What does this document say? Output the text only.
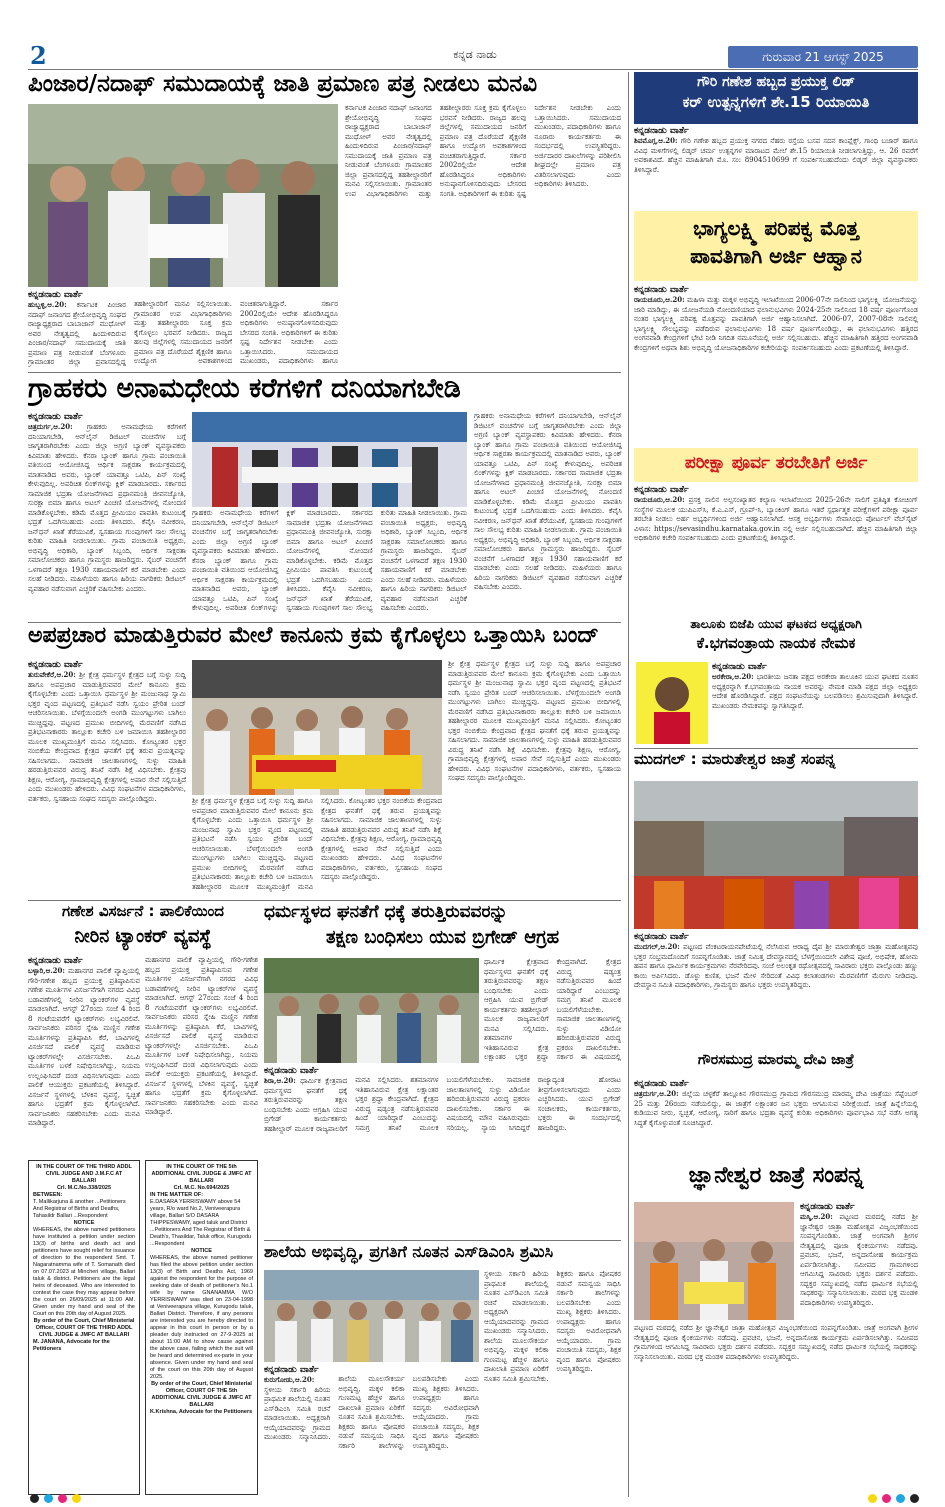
2	ಕನ್ನಡ ನಾಡು	ಗುರುವಾರ 21 ಆಗಸ್ಟ್ 2025
ಪಿಂಜಾರ/ನದಾಫ್ ಸಮುದಾಯಕ್ಕೆ ಜಾತಿ ಪ್ರಮಾಣ ಪತ್ರ ನೀಡಲು ಮನವಿ
ಕನ್ನಡನಾಡು ವಾರ್ತೆ
ಹುಬ್ಬಳ್ಳಿ,ಆ.20: ಕರ್ನಾಟಕ ಪಿಂಜಾರ ನದಾಫ್ ಜನಾಂಗದ ಶ್ರೇಯೋಭಿವೃದ್ಧಿ ಸಂಘದ ರಾಜ್ಯಾಧ್ಯಕ್ಷರಾದ ಬಾಬಾಜಾನ್ ಮುಧೋಳ್ ಅವರ ನೇತೃತ್ವದಲ್ಲಿ ಹಿಂದುಳಿದಿರುವ ಪಿಂಜಾರ/ನದಾಫ್ ಸಮುದಾಯಕ್ಕೆ ಜಾತಿ ಪ್ರಮಾಣ ಪತ್ರ ನೀಡುವಂತೆ ಬೆಂಗಳೂರು ಗ್ರಾಮಾಂತರ ಜಿಲ್ಲಾ ಪ್ರವಾಸದಲ್ಲಿದ್ದ ತಹಶೀಲ್ದಾರರಿಗೆ ಮನವಿ ಸಲ್ಲಿಸಲಾಯಿತು. ಗ್ರಾಮಾಂತರ ಉಪ ವಿಭಾಗಾಧಿಕಾರಿಗಳು ಮತ್ತು ತಹಶೀಲ್ದಾರರು ಸೂಕ್ತ ಕ್ರಮ ಕೈಗೊಳ್ಳಲು ಭರವಸೆ ನೀಡಿದರು. ರಾಜ್ಯದ ಹಲವು ಜಿಲ್ಲೆಗಳಲ್ಲಿ ಸಮುದಾಯದ ಜನರಿಗೆ ಪ್ರಮಾಣ ಪತ್ರ ದೊರೆಯದೆ ಶೈಕ್ಷಣಿಕ ಹಾಗೂ ಉದ್ಯೋಗ ಅವಕಾಶಗಳಿಂದ ವಂಚಿತರಾಗುತ್ತಿದ್ದಾರೆ. ಸರ್ಕಾರ 2002ರಲ್ಲಿಯೇ ಆದೇಶ ಹೊರಡಿಸಿದ್ದರೂ ಅಧಿಕಾರಿಗಳು ಅನುಷ್ಠಾನಗೊಳಿಸದಿರುವುದು ಬೇಸರದ ಸಂಗತಿ. ಅಧಿಕಾರಿಗಳಿಗೆ ಈ ಕುರಿತು ಸ್ಪಷ್ಟ ನಿರ್ದೇಶನ ನೀಡಬೇಕು ಎಂದು ಒತ್ತಾಯಿಸಿದರು. ಸಮುದಾಯದ ಮುಖಂಡರು, ಪದಾಧಿಕಾರಿಗಳು ಹಾಗೂ
ಕರ್ನಾಟಕ ಪಿಂಜಾರ ನದಾಫ್ ಜನಾಂಗದ ಶ್ರೇಯೋಭಿವೃದ್ಧಿ ಸಂಘದ ರಾಜ್ಯಾಧ್ಯಕ್ಷರಾದ ಬಾಬಾಜಾನ್ ಮುಧೋಳ್ ಅವರ ನೇತೃತ್ವದಲ್ಲಿ ಹಿಂದುಳಿದಿರುವ ಪಿಂಜಾರ/ನದಾಫ್ ಸಮುದಾಯಕ್ಕೆ ಜಾತಿ ಪ್ರಮಾಣ ಪತ್ರ ನೀಡುವಂತೆ ಬೆಂಗಳೂರು ಗ್ರಾಮಾಂತರ ಜಿಲ್ಲಾ ಪ್ರವಾಸದಲ್ಲಿದ್ದ ತಹಶೀಲ್ದಾರರಿಗೆ ಮನವಿ ಸಲ್ಲಿಸಲಾಯಿತು. ಗ್ರಾಮಾಂತರ ಉಪ ವಿಭಾಗಾಧಿಕಾರಿಗಳು ಮತ್ತು ತಹಶೀಲ್ದಾರರು ಸೂಕ್ತ ಕ್ರಮ ಕೈಗೊಳ್ಳಲು ಭರವಸೆ ನೀಡಿದರು. ರಾಜ್ಯದ ಹಲವು ಜಿಲ್ಲೆಗಳಲ್ಲಿ ಸಮುದಾಯದ ಜನರಿಗೆ ಪ್ರಮಾಣ ಪತ್ರ ದೊರೆಯದೆ ಶೈಕ್ಷಣಿಕ ಹಾಗೂ ಉದ್ಯೋಗ ಅವಕಾಶಗಳಿಂದ ವಂಚಿತರಾಗುತ್ತಿದ್ದಾರೆ. ಸರ್ಕಾರ 2002ರಲ್ಲಿಯೇ ಆದೇಶ ಹೊರಡಿಸಿದ್ದರೂ ಅಧಿಕಾರಿಗಳು ಅನುಷ್ಠಾನಗೊಳಿಸದಿರುವುದು ಬೇಸರದ ಸಂಗತಿ. ಅಧಿಕಾರಿಗಳಿಗೆ ಈ ಕುರಿತು ಸ್ಪಷ್ಟ ನಿರ್ದೇಶನ ನೀಡಬೇಕು ಎಂದು ಒತ್ತಾಯಿಸಿದರು. ಸಮುದಾಯದ ಮುಖಂಡರು, ಪದಾಧಿಕಾರಿಗಳು ಹಾಗೂ ನೂರಾರು ಕಾರ್ಯಕರ್ತರು ಈ ಸಂದರ್ಭದಲ್ಲಿ ಉಪಸ್ಥಿತರಿದ್ದರು. ಅರ್ಜಿದಾರರ ದಾಖಲೆಗಳನ್ನು ಪರಿಶೀಲಿಸಿ ಶೀಘ್ರದಲ್ಲೇ ಪ್ರಮಾಣ ಪತ್ರ ವಿತರಿಸಲಾಗುವುದು ಎಂದು ಅಧಿಕಾರಿಗಳು ತಿಳಿಸಿದರು.
ಗ್ರಾಹಕರು ಅನಾಮಧೇಯ ಕರೆಗಳಿಗೆ ದನಿಯಾಗಬೇಡಿ
ಕನ್ನಡನಾಡು ವಾರ್ತೆ
ಚಿತ್ರದುರ್ಗ,ಆ.20: ಗ್ರಾಹಕರು ಅನಾಮಧೇಯ ಕರೆಗಳಿಗೆ ದನಿಯಾಗಬೇಡಿ, ಆನ್‌ಲೈನ್ ಡಿಜಿಟಲ್ ವಂಚನೆಗಳ ಬಗ್ಗೆ ಜಾಗೃತರಾಗಿರಬೇಕು ಎಂದು ಜಿಲ್ಲಾ ಅಗ್ರಣಿ ಬ್ಯಾಂಕ್ ವ್ಯವಸ್ಥಾಪಕರು ಕಿವಿಮಾತು ಹೇಳಿದರು. ಕೆನರಾ ಬ್ಯಾಂಕ್ ಹಾಗೂ ಗ್ರಾಮ ಪಂಚಾಯಿತಿ ವತಿಯಿಂದ ಆಯೋಜಿಸಿದ್ದ ಆರ್ಥಿಕ ಸಾಕ್ಷರತಾ ಕಾರ್ಯಕ್ರಮದಲ್ಲಿ ಮಾತನಾಡಿದ ಅವರು, ಬ್ಯಾಂಕ್ ಯಾವತ್ತೂ ಒಟಿಪಿ, ಪಿನ್ ಸಂಖ್ಯೆ ಕೇಳುವುದಿಲ್ಲ. ಅಪರಿಚಿತ ಲಿಂಕ್‌ಗಳನ್ನು ಕ್ಲಿಕ್ ಮಾಡಬಾರದು. ಸರ್ಕಾರದ ಸಾಮಾಜಿಕ ಭದ್ರತಾ ಯೋಜನೆಗಳಾದ ಪ್ರಧಾನಮಂತ್ರಿ ಜೀವನಜ್ಯೋತಿ, ಸುರಕ್ಷಾ ಬಿಮಾ ಹಾಗೂ ಅಟಲ್ ಪಿಂಚಣಿ ಯೋಜನೆಗಳಲ್ಲಿ ನೋಂದಣಿ ಮಾಡಿಕೊಳ್ಳಬೇಕು. ಕಡಿಮೆ ಮೊತ್ತದ ಪ್ರೀಮಿಯಂ ಪಾವತಿಸಿ ಕುಟುಂಬಕ್ಕೆ ಭದ್ರತೆ ಒದಗಿಸಬಹುದು ಎಂದು ತಿಳಿಸಿದರು. ಕೆವೈಸಿ ನವೀಕರಣ, ಜನ್‌ಧನ್ ಖಾತೆ ತೆರೆಯುವಿಕೆ, ಸ್ವಸಹಾಯ ಗುಂಪುಗಳಿಗೆ ಸಾಲ ಸೌಲಭ್ಯ ಕುರಿತು ಮಾಹಿತಿ ನೀಡಲಾಯಿತು. ಗ್ರಾಮ ಪಂಚಾಯಿತಿ ಅಧ್ಯಕ್ಷರು, ಅಭಿವೃದ್ಧಿ ಅಧಿಕಾರಿ, ಬ್ಯಾಂಕ್ ಸಿಬ್ಬಂದಿ, ಆರ್ಥಿಕ ಸಾಕ್ಷರತಾ ಸಮಾಲೋಚಕರು ಹಾಗೂ ಗ್ರಾಮಸ್ಥರು ಹಾಜರಿದ್ದರು. ಸೈಬರ್ ವಂಚನೆಗೆ ಒಳಗಾದರೆ ತಕ್ಷಣ 1930 ಸಹಾಯವಾಣಿಗೆ ಕರೆ ಮಾಡಬೇಕು ಎಂದು ಸಲಹೆ ನೀಡಿದರು. ಮಹಿಳೆಯರು ಹಾಗೂ ಹಿರಿಯ ನಾಗರಿಕರು ಡಿಜಿಟಲ್ ವ್ಯವಹಾರ ನಡೆಸುವಾಗ ಎಚ್ಚರಿಕೆ ವಹಿಸಬೇಕು ಎಂದರು.
ಗ್ರಾಹಕರು ಅನಾಮಧೇಯ ಕರೆಗಳಿಗೆ ದನಿಯಾಗಬೇಡಿ, ಆನ್‌ಲೈನ್ ಡಿಜಿಟಲ್ ವಂಚನೆಗಳ ಬಗ್ಗೆ ಜಾಗೃತರಾಗಿರಬೇಕು ಎಂದು ಜಿಲ್ಲಾ ಅಗ್ರಣಿ ಬ್ಯಾಂಕ್ ವ್ಯವಸ್ಥಾಪಕರು ಕಿವಿಮಾತು ಹೇಳಿದರು. ಕೆನರಾ ಬ್ಯಾಂಕ್ ಹಾಗೂ ಗ್ರಾಮ ಪಂಚಾಯಿತಿ ವತಿಯಿಂದ ಆಯೋಜಿಸಿದ್ದ ಆರ್ಥಿಕ ಸಾಕ್ಷರತಾ ಕಾರ್ಯಕ್ರಮದಲ್ಲಿ ಮಾತನಾಡಿದ ಅವರು, ಬ್ಯಾಂಕ್ ಯಾವತ್ತೂ ಒಟಿಪಿ, ಪಿನ್ ಸಂಖ್ಯೆ ಕೇಳುವುದಿಲ್ಲ. ಅಪರಿಚಿತ ಲಿಂಕ್‌ಗಳನ್ನು ಕ್ಲಿಕ್ ಮಾಡಬಾರದು. ಸರ್ಕಾರದ ಸಾಮಾಜಿಕ ಭದ್ರತಾ ಯೋಜನೆಗಳಾದ ಪ್ರಧಾನಮಂತ್ರಿ ಜೀವನಜ್ಯೋತಿ, ಸುರಕ್ಷಾ ಬಿಮಾ ಹಾಗೂ ಅಟಲ್ ಪಿಂಚಣಿ ಯೋಜನೆಗಳಲ್ಲಿ ನೋಂದಣಿ ಮಾಡಿಕೊಳ್ಳಬೇಕು. ಕಡಿಮೆ ಮೊತ್ತದ ಪ್ರೀಮಿಯಂ ಪಾವತಿಸಿ ಕುಟುಂಬಕ್ಕೆ ಭದ್ರತೆ ಒದಗಿಸಬಹುದು ಎಂದು ತಿಳಿಸಿದರು. ಕೆವೈಸಿ ನವೀಕರಣ, ಜನ್‌ಧನ್ ಖಾತೆ ತೆರೆಯುವಿಕೆ, ಸ್ವಸಹಾಯ ಗುಂಪುಗಳಿಗೆ ಸಾಲ ಸೌಲಭ್ಯ ಕುರಿತು ಮಾಹಿತಿ ನೀಡಲಾಯಿತು. ಗ್ರಾಮ ಪಂಚಾಯಿತಿ ಅಧ್ಯಕ್ಷರು, ಅಭಿವೃದ್ಧಿ ಅಧಿಕಾರಿ, ಬ್ಯಾಂಕ್ ಸಿಬ್ಬಂದಿ, ಆರ್ಥಿಕ ಸಾಕ್ಷರತಾ ಸಮಾಲೋಚಕರು ಹಾಗೂ ಗ್ರಾಮಸ್ಥರು ಹಾಜರಿದ್ದರು. ಸೈಬರ್ ವಂಚನೆಗೆ ಒಳಗಾದರೆ ತಕ್ಷಣ 1930 ಸಹಾಯವಾಣಿಗೆ ಕರೆ ಮಾಡಬೇಕು ಎಂದು ಸಲಹೆ ನೀಡಿದರು. ಮಹಿಳೆಯರು ಹಾಗೂ ಹಿರಿಯ ನಾಗರಿಕರು ಡಿಜಿಟಲ್ ವ್ಯವಹಾರ ನಡೆಸುವಾಗ ಎಚ್ಚರಿಕೆ ವಹಿಸಬೇಕು ಎಂದರು.
ಗ್ರಾಹಕರು ಅನಾಮಧೇಯ ಕರೆಗಳಿಗೆ ದನಿಯಾಗಬೇಡಿ, ಆನ್‌ಲೈನ್ ಡಿಜಿಟಲ್ ವಂಚನೆಗಳ ಬಗ್ಗೆ ಜಾಗೃತರಾಗಿರಬೇಕು ಎಂದು ಜಿಲ್ಲಾ ಅಗ್ರಣಿ ಬ್ಯಾಂಕ್ ವ್ಯವಸ್ಥಾಪಕರು ಕಿವಿಮಾತು ಹೇಳಿದರು. ಕೆನರಾ ಬ್ಯಾಂಕ್ ಹಾಗೂ ಗ್ರಾಮ ಪಂಚಾಯಿತಿ ವತಿಯಿಂದ ಆಯೋಜಿಸಿದ್ದ ಆರ್ಥಿಕ ಸಾಕ್ಷರತಾ ಕಾರ್ಯಕ್ರಮದಲ್ಲಿ ಮಾತನಾಡಿದ ಅವರು, ಬ್ಯಾಂಕ್ ಯಾವತ್ತೂ ಒಟಿಪಿ, ಪಿನ್ ಸಂಖ್ಯೆ ಕೇಳುವುದಿಲ್ಲ. ಅಪರಿಚಿತ ಲಿಂಕ್‌ಗಳನ್ನು ಕ್ಲಿಕ್ ಮಾಡಬಾರದು. ಸರ್ಕಾರದ ಸಾಮಾಜಿಕ ಭದ್ರತಾ ಯೋಜನೆಗಳಾದ ಪ್ರಧಾನಮಂತ್ರಿ ಜೀವನಜ್ಯೋತಿ, ಸುರಕ್ಷಾ ಬಿಮಾ ಹಾಗೂ ಅಟಲ್ ಪಿಂಚಣಿ ಯೋಜನೆಗಳಲ್ಲಿ ನೋಂದಣಿ ಮಾಡಿಕೊಳ್ಳಬೇಕು. ಕಡಿಮೆ ಮೊತ್ತದ ಪ್ರೀಮಿಯಂ ಪಾವತಿಸಿ ಕುಟುಂಬಕ್ಕೆ ಭದ್ರತೆ ಒದಗಿಸಬಹುದು ಎಂದು ತಿಳಿಸಿದರು. ಕೆವೈಸಿ ನವೀಕರಣ, ಜನ್‌ಧನ್ ಖಾತೆ ತೆರೆಯುವಿಕೆ, ಸ್ವಸಹಾಯ ಗುಂಪುಗಳಿಗೆ ಸಾಲ ಸೌಲಭ್ಯ ಕುರಿತು ಮಾಹಿತಿ ನೀಡಲಾಯಿತು. ಗ್ರಾಮ ಪಂಚಾಯಿತಿ ಅಧ್ಯಕ್ಷರು, ಅಭಿವೃದ್ಧಿ ಅಧಿಕಾರಿ, ಬ್ಯಾಂಕ್ ಸಿಬ್ಬಂದಿ, ಆರ್ಥಿಕ ಸಾಕ್ಷರತಾ ಸಮಾಲೋಚಕರು ಹಾಗೂ ಗ್ರಾಮಸ್ಥರು ಹಾಜರಿದ್ದರು. ಸೈಬರ್ ವಂಚನೆಗೆ ಒಳಗಾದರೆ ತಕ್ಷಣ 1930 ಸಹಾಯವಾಣಿಗೆ ಕರೆ ಮಾಡಬೇಕು ಎಂದು ಸಲಹೆ ನೀಡಿದರು. ಮಹಿಳೆಯರು ಹಾಗೂ ಹಿರಿಯ ನಾಗರಿಕರು ಡಿಜಿಟಲ್ ವ್ಯವಹಾರ ನಡೆಸುವಾಗ ಎಚ್ಚರಿಕೆ ವಹಿಸಬೇಕು ಎಂದರು.
ಅಪಪ್ರಚಾರ ಮಾಡುತ್ತಿರುವರ ಮೇಲೆ ಕಾನೂನು ಕ್ರಮ ಕೈಗೊಳ್ಳಲು ಒತ್ತಾಯಿಸಿ ಬಂದ್
ಕನ್ನಡನಾಡು ವಾರ್ತೆ
ತುರುವೇಕೆರೆ,ಆ.20: ಶ್ರೀ ಕ್ಷೇತ್ರ ಧರ್ಮಸ್ಥಳ ಕ್ಷೇತ್ರದ ಬಗ್ಗೆ ಸುಳ್ಳು ಸುದ್ದಿ ಹಾಗೂ ಅಪಪ್ರಚಾರ ಮಾಡುತ್ತಿರುವವರ ಮೇಲೆ ಕಾನೂನು ಕ್ರಮ ಕೈಗೊಳ್ಳಬೇಕು ಎಂದು ಒತ್ತಾಯಿಸಿ ಧರ್ಮಸ್ಥಳ ಶ್ರೀ ಮಂಜುನಾಥ ಸ್ವಾಮಿ ಭಕ್ತರ ವೃಂದ ಪಟ್ಟಣದಲ್ಲಿ ಪ್ರತಿಭಟನೆ ನಡೆಸಿ ಸ್ವಯಂ ಪ್ರೇರಿತ ಬಂದ್ ಆಚರಿಸಲಾಯಿತು. ಬೆಳಗ್ಗೆಯಿಂದಲೇ ಅಂಗಡಿ ಮುಂಗಟ್ಟುಗಳು ಬಾಗಿಲು ಮುಚ್ಚಿದ್ದವು. ಪಟ್ಟಣದ ಪ್ರಮುಖ ಬೀದಿಗಳಲ್ಲಿ ಮೆರವಣಿಗೆ ನಡೆಸಿದ ಪ್ರತಿಭಟನಾಕಾರರು ತಾಲ್ಲೂಕು ಕಚೇರಿ ಬಳಿ ಜಮಾಯಿಸಿ ತಹಶೀಲ್ದಾರರ ಮೂಲಕ ಮುಖ್ಯಮಂತ್ರಿಗೆ ಮನವಿ ಸಲ್ಲಿಸಿದರು. ಕೋಟ್ಯಂತರ ಭಕ್ತರ ನಂಬಿಕೆಯ ಕೇಂದ್ರವಾದ ಕ್ಷೇತ್ರದ ಘನತೆಗೆ ಧಕ್ಕೆ ತರುವ ಪ್ರಯತ್ನವನ್ನು ಸಹಿಸಲಾಗದು. ಸಾಮಾಜಿಕ ಜಾಲತಾಣಗಳಲ್ಲಿ ಸುಳ್ಳು ಮಾಹಿತಿ ಹರಡುತ್ತಿರುವವರ ವಿರುದ್ಧ ತನಿಖೆ ನಡೆಸಿ ಶಿಕ್ಷೆ ವಿಧಿಸಬೇಕು. ಕ್ಷೇತ್ರವು ಶಿಕ್ಷಣ, ಆರೋಗ್ಯ, ಗ್ರಾಮಾಭಿವೃದ್ಧಿ ಕ್ಷೇತ್ರಗಳಲ್ಲಿ ಅಪಾರ ಸೇವೆ ಸಲ್ಲಿಸುತ್ತಿದೆ ಎಂದು ಮುಖಂಡರು ಹೇಳಿದರು. ವಿವಿಧ ಸಂಘಟನೆಗಳ ಪದಾಧಿಕಾರಿಗಳು, ವರ್ತಕರು, ಸ್ವಸಹಾಯ ಸಂಘದ ಸದಸ್ಯರು ಪಾಲ್ಗೊಂಡಿದ್ದರು.	ಶ್ರೀ ಕ್ಷೇತ್ರ ಧರ್ಮಸ್ಥಳ ಕ್ಷೇತ್ರದ ಬಗ್ಗೆ ಸುಳ್ಳು ಸುದ್ದಿ ಹಾಗೂ ಅಪಪ್ರಚಾರ ಮಾಡುತ್ತಿರುವವರ ಮೇಲೆ ಕಾನೂನು ಕ್ರಮ ಕೈಗೊಳ್ಳಬೇಕು ಎಂದು ಒತ್ತಾಯಿಸಿ ಧರ್ಮಸ್ಥಳ ಶ್ರೀ ಮಂಜುನಾಥ ಸ್ವಾಮಿ ಭಕ್ತರ ವೃಂದ ಪಟ್ಟಣದಲ್ಲಿ ಪ್ರತಿಭಟನೆ ನಡೆಸಿ ಸ್ವಯಂ ಪ್ರೇರಿತ ಬಂದ್ ಆಚರಿಸಲಾಯಿತು. ಬೆಳಗ್ಗೆಯಿಂದಲೇ ಅಂಗಡಿ ಮುಂಗಟ್ಟುಗಳು ಬಾಗಿಲು ಮುಚ್ಚಿದ್ದವು. ಪಟ್ಟಣದ ಪ್ರಮುಖ ಬೀದಿಗಳಲ್ಲಿ ಮೆರವಣಿಗೆ ನಡೆಸಿದ ಪ್ರತಿಭಟನಾಕಾರರು ತಾಲ್ಲೂಕು ಕಚೇರಿ ಬಳಿ ಜಮಾಯಿಸಿ ತಹಶೀಲ್ದಾರರ ಮೂಲಕ ಮುಖ್ಯಮಂತ್ರಿಗೆ ಮನವಿ ಸಲ್ಲಿಸಿದರು. ಕೋಟ್ಯಂತರ ಭಕ್ತರ ನಂಬಿಕೆಯ ಕೇಂದ್ರವಾದ ಕ್ಷೇತ್ರದ ಘನತೆಗೆ ಧಕ್ಕೆ ತರುವ ಪ್ರಯತ್ನವನ್ನು ಸಹಿಸಲಾಗದು. ಸಾಮಾಜಿಕ ಜಾಲತಾಣಗಳಲ್ಲಿ ಸುಳ್ಳು ಮಾಹಿತಿ ಹರಡುತ್ತಿರುವವರ ವಿರುದ್ಧ ತನಿಖೆ ನಡೆಸಿ ಶಿಕ್ಷೆ ವಿಧಿಸಬೇಕು. ಕ್ಷೇತ್ರವು ಶಿಕ್ಷಣ, ಆರೋಗ್ಯ, ಗ್ರಾಮಾಭಿವೃದ್ಧಿ ಕ್ಷೇತ್ರಗಳಲ್ಲಿ ಅಪಾರ ಸೇವೆ ಸಲ್ಲಿಸುತ್ತಿದೆ ಎಂದು ಮುಖಂಡರು ಹೇಳಿದರು. ವಿವಿಧ ಸಂಘಟನೆಗಳ ಪದಾಧಿಕಾರಿಗಳು, ವರ್ತಕರು, ಸ್ವಸಹಾಯ ಸಂಘದ ಸದಸ್ಯರು ಪಾಲ್ಗೊಂಡಿದ್ದರು.
ಶ್ರೀ ಕ್ಷೇತ್ರ ಧರ್ಮಸ್ಥಳ ಕ್ಷೇತ್ರದ ಬಗ್ಗೆ ಸುಳ್ಳು ಸುದ್ದಿ ಹಾಗೂ ಅಪಪ್ರಚಾರ ಮಾಡುತ್ತಿರುವವರ ಮೇಲೆ ಕಾನೂನು ಕ್ರಮ ಕೈಗೊಳ್ಳಬೇಕು ಎಂದು ಒತ್ತಾಯಿಸಿ ಧರ್ಮಸ್ಥಳ ಶ್ರೀ ಮಂಜುನಾಥ ಸ್ವಾಮಿ ಭಕ್ತರ ವೃಂದ ಪಟ್ಟಣದಲ್ಲಿ ಪ್ರತಿಭಟನೆ ನಡೆಸಿ ಸ್ವಯಂ ಪ್ರೇರಿತ ಬಂದ್ ಆಚರಿಸಲಾಯಿತು. ಬೆಳಗ್ಗೆಯಿಂದಲೇ ಅಂಗಡಿ ಮುಂಗಟ್ಟುಗಳು ಬಾಗಿಲು ಮುಚ್ಚಿದ್ದವು. ಪಟ್ಟಣದ ಪ್ರಮುಖ ಬೀದಿಗಳಲ್ಲಿ ಮೆರವಣಿಗೆ ನಡೆಸಿದ ಪ್ರತಿಭಟನಾಕಾರರು ತಾಲ್ಲೂಕು ಕಚೇರಿ ಬಳಿ ಜಮಾಯಿಸಿ ತಹಶೀಲ್ದಾರರ ಮೂಲಕ ಮುಖ್ಯಮಂತ್ರಿಗೆ ಮನವಿ ಸಲ್ಲಿಸಿದರು. ಕೋಟ್ಯಂತರ ಭಕ್ತರ ನಂಬಿಕೆಯ ಕೇಂದ್ರವಾದ ಕ್ಷೇತ್ರದ ಘನತೆಗೆ ಧಕ್ಕೆ ತರುವ ಪ್ರಯತ್ನವನ್ನು ಸಹಿಸಲಾಗದು. ಸಾಮಾಜಿಕ ಜಾಲತಾಣಗಳಲ್ಲಿ ಸುಳ್ಳು ಮಾಹಿತಿ ಹರಡುತ್ತಿರುವವರ ವಿರುದ್ಧ ತನಿಖೆ ನಡೆಸಿ ಶಿಕ್ಷೆ ವಿಧಿಸಬೇಕು. ಕ್ಷೇತ್ರವು ಶಿಕ್ಷಣ, ಆರೋಗ್ಯ, ಗ್ರಾಮಾಭಿವೃದ್ಧಿ ಕ್ಷೇತ್ರಗಳಲ್ಲಿ ಅಪಾರ ಸೇವೆ ಸಲ್ಲಿಸುತ್ತಿದೆ ಎಂದು ಮುಖಂಡರು ಹೇಳಿದರು. ವಿವಿಧ ಸಂಘಟನೆಗಳ ಪದಾಧಿಕಾರಿಗಳು, ವರ್ತಕರು, ಸ್ವಸಹಾಯ ಸಂಘದ ಸದಸ್ಯರು ಪಾಲ್ಗೊಂಡಿದ್ದರು.
ಗಣೇಶ ವಿಸರ್ಜನೆ : ಪಾಲಿಕೆಯಿಂದ
ನೀರಿನ ಟ್ಯಾಂಕರ್ ವ್ಯವಸ್ಥೆ
ಕನ್ನಡನಾಡು ವಾರ್ತೆ
ಬಳ್ಳಾರಿ,ಆ.20: ಮಹಾನಗರ ಪಾಲಿಕೆ ವ್ಯಾಪ್ತಿಯಲ್ಲಿ ಗೌರಿ-ಗಣೇಶ ಹಬ್ಬದ ಪ್ರಯುಕ್ತ ಪ್ರತಿಷ್ಠಾಪಿಸುವ ಗಣೇಶ ಮೂರ್ತಿಗಳ ವಿಸರ್ಜನೆಗಾಗಿ ನಗರದ ವಿವಿಧ ಬಡಾವಣೆಗಳಲ್ಲಿ ನೀರಿನ ಟ್ಯಾಂಕರ್‌ಗಳ ವ್ಯವಸ್ಥೆ ಮಾಡಲಾಗಿದೆ. ಆಗಸ್ಟ್ 27ರಂದು ಸಂಜೆ 4 ರಿಂದ 8 ಗಂಟೆಯವರೆಗೆ ಟ್ಯಾಂಕರ್‌ಗಳು ಲಭ್ಯವಿರಲಿವೆ. ಸಾರ್ವಜನಿಕರು ಪರಿಸರ ಸ್ನೇಹಿ ಮಣ್ಣಿನ ಗಣೇಶ ಮೂರ್ತಿಗಳನ್ನು ಪ್ರತಿಷ್ಠಾಪಿಸಿ ಕೆರೆ, ಬಾವಿಗಳಲ್ಲಿ ವಿಸರ್ಜಿಸದೆ ಪಾಲಿಕೆ ವ್ಯವಸ್ಥೆ ಮಾಡಿರುವ ಟ್ಯಾಂಕರ್‌ಗಳಲ್ಲೇ ವಿಸರ್ಜಿಸಬೇಕು. ಪಿಒಪಿ ಮೂರ್ತಿಗಳ ಬಳಕೆ ನಿಷೇಧಿಸಲಾಗಿದ್ದು, ನಿಯಮ ಉಲ್ಲಂಘಿಸಿದರೆ ದಂಡ ವಿಧಿಸಲಾಗುವುದು ಎಂದು ಪಾಲಿಕೆ ಆಯುಕ್ತರು ಪ್ರಕಟಣೆಯಲ್ಲಿ ತಿಳಿಸಿದ್ದಾರೆ. ವಿಸರ್ಜನೆ ಸ್ಥಳಗಳಲ್ಲಿ ಬೆಳಕಿನ ವ್ಯವಸ್ಥೆ, ಸ್ವಚ್ಛತೆ ಹಾಗೂ ಭದ್ರತೆಗೆ ಕ್ರಮ ಕೈಗೊಳ್ಳಲಾಗಿದೆ. ಸಾರ್ವಜನಿಕರು ಸಹಕರಿಸಬೇಕು ಎಂದು ಮನವಿ ಮಾಡಿದ್ದಾರೆ.
ಮಹಾನಗರ ಪಾಲಿಕೆ ವ್ಯಾಪ್ತಿಯಲ್ಲಿ ಗೌರಿ-ಗಣೇಶ ಹಬ್ಬದ ಪ್ರಯುಕ್ತ ಪ್ರತಿಷ್ಠಾಪಿಸುವ ಗಣೇಶ ಮೂರ್ತಿಗಳ ವಿಸರ್ಜನೆಗಾಗಿ ನಗರದ ವಿವಿಧ ಬಡಾವಣೆಗಳಲ್ಲಿ ನೀರಿನ ಟ್ಯಾಂಕರ್‌ಗಳ ವ್ಯವಸ್ಥೆ ಮಾಡಲಾಗಿದೆ. ಆಗಸ್ಟ್ 27ರಂದು ಸಂಜೆ 4 ರಿಂದ 8 ಗಂಟೆಯವರೆಗೆ ಟ್ಯಾಂಕರ್‌ಗಳು ಲಭ್ಯವಿರಲಿವೆ. ಸಾರ್ವಜನಿಕರು ಪರಿಸರ ಸ್ನೇಹಿ ಮಣ್ಣಿನ ಗಣೇಶ ಮೂರ್ತಿಗಳನ್ನು ಪ್ರತಿಷ್ಠಾಪಿಸಿ ಕೆರೆ, ಬಾವಿಗಳಲ್ಲಿ ವಿಸರ್ಜಿಸದೆ ಪಾಲಿಕೆ ವ್ಯವಸ್ಥೆ ಮಾಡಿರುವ ಟ್ಯಾಂಕರ್‌ಗಳಲ್ಲೇ ವಿಸರ್ಜಿಸಬೇಕು. ಪಿಒಪಿ ಮೂರ್ತಿಗಳ ಬಳಕೆ ನಿಷೇಧಿಸಲಾಗಿದ್ದು, ನಿಯಮ ಉಲ್ಲಂಘಿಸಿದರೆ ದಂಡ ವಿಧಿಸಲಾಗುವುದು ಎಂದು ಪಾಲಿಕೆ ಆಯುಕ್ತರು ಪ್ರಕಟಣೆಯಲ್ಲಿ ತಿಳಿಸಿದ್ದಾರೆ. ವಿಸರ್ಜನೆ ಸ್ಥಳಗಳಲ್ಲಿ ಬೆಳಕಿನ ವ್ಯವಸ್ಥೆ, ಸ್ವಚ್ಛತೆ ಹಾಗೂ ಭದ್ರತೆಗೆ ಕ್ರಮ ಕೈಗೊಳ್ಳಲಾಗಿದೆ. ಸಾರ್ವಜನಿಕರು ಸಹಕರಿಸಬೇಕು ಎಂದು ಮನವಿ ಮಾಡಿದ್ದಾರೆ.
IN THE COURT OF THE THIRD ADDL CIVIL JUDGE AND J.M.F.C AT BALLARI
Crl. M.C.No.338/2025
BETWEEN:
T. Mallikarjuna & another ...Petitioners And Registrar of Births and Deaths, Tahasildr Ballari ...Respondent
NOTICE
WHEREAS, the above named petitioners have instituted a petition under section 13(3) of births and death act and petitioners have sought relief for issuance of direction to the respondent Smt. T. Nagaratnamma wife of T. Somanath died on 07.07.2023 at Mincheri village, Ballari taluk & district. Petitioners are the legal heirs of deceased. Who are interested to contest the case they may appear before the court on 26/09/2025 at 11:00 AM. Given under my hand and seal of the Court on this 20th day of August 2025.
By order of the Court, Chief Ministerial Officer, COURT OF THE THIRD ADDL CIVIL JUDGE & JMFC AT BALLARI
M. JANANA, Advocate for the Petitioners
IN THE COURT OF THE 5th ADDITIONAL CIVIL JUDGE & JMFC AT BALLARI
Crl. M.C. No.694/2025
IN THE MATTER OF:
E.DASARA YERRISWAMY above 54 years, R/o ward No.2, Veniveerapura village, Ballari S/O DASARA THIPPESWAMY, aged taluk and District ...Petitioners And The Registrar of Birth & Death's, Thasildar, Taluk office, Kurugodu ...Respondent
NOTICE
WHEREAS, the above named petitioner has filed the above petition under section 13(3) of Birth and Deaths Act, 1969 against the respondent for the purpose of seeking date of death of petitioner's No.1 wife by name GNANAMMA W/O YERRISWAMY was died on 23-04-1998 at Veniveerapura village, Kurugodu taluk, Ballari District. Therefore, if any persons are interested you are hereby directed to appear in this court in person or by a pleader duly instructed on 27-9-2025 at about 11:00 AM to show cause against the above case, failing which the suit will be heard and determined ex-parte in your absence. Given under my hand and seal of the court on this 20th day of August 2025.
By order of the Court, Chief Ministerial Officer, COURT OF THE 5th ADDITIONAL CIVIL JUDGE & JMFC AT BALLARI
K.Krishna, Advocate for the Petitioners
ಧರ್ಮಸ್ಥಳದ ಘನತೆಗೆ ಧಕ್ಕೆ ತರುತ್ತಿರುವವರನ್ನು
ತಕ್ಷಣ ಬಂಧಿಸಲು ಯುವ ಬ್ರಿಗೇಡ್ ಆಗ್ರಹ
ಧಾರ್ಮಿಕ ಕ್ಷೇತ್ರವಾದ ಧರ್ಮಸ್ಥಳದ ಘನತೆಗೆ ಧಕ್ಕೆ ತರುತ್ತಿರುವವರನ್ನು ತಕ್ಷಣ ಬಂಧಿಸಬೇಕು ಎಂದು ಆಗ್ರಹಿಸಿ ಯುವ ಬ್ರಿಗೇಡ್ ಕಾರ್ಯಕರ್ತರು ತಹಶೀಲ್ದಾರ್ ಮೂಲಕ ರಾಜ್ಯಪಾಲರಿಗೆ ಮನವಿ ಸಲ್ಲಿಸಿದರು. ಶತಮಾನಗಳ ಇತಿಹಾಸವಿರುವ ಕ್ಷೇತ್ರ ಲಕ್ಷಾಂತರ ಭಕ್ತರ ಶ್ರದ್ಧಾ ಕೇಂದ್ರವಾಗಿದೆ. ಕ್ಷೇತ್ರದ ವಿರುದ್ಧ ಷಡ್ಯಂತ್ರ ನಡೆಸುತ್ತಿರುವವರ ಹಿಂದೆ ಯಾರಿದ್ದಾರೆ ಎಂಬುದನ್ನು ಸಮಗ್ರ ತನಿಖೆ ಮೂಲಕ ಬಯಲಿಗೆಳೆಯಬೇಕು. ಸಾಮಾಜಿಕ ಜಾಲತಾಣಗಳಲ್ಲಿ ಸುಳ್ಳು ವಿಡಿಯೋ ಹರಿಬಿಡುತ್ತಿರುವವರ ವಿರುದ್ಧ ಪ್ರಕರಣ ದಾಖಲಿಸಬೇಕು. ಸರ್ಕಾರ ಈ ವಿಷಯದಲ್ಲಿ
ಕನ್ನಡನಾಡು ವಾರ್ತೆ
ಶಿರಾ,ಆ.20: ಧಾರ್ಮಿಕ ಕ್ಷೇತ್ರವಾದ ಧರ್ಮಸ್ಥಳದ ಘನತೆಗೆ ಧಕ್ಕೆ ತರುತ್ತಿರುವವರನ್ನು ತಕ್ಷಣ ಬಂಧಿಸಬೇಕು ಎಂದು ಆಗ್ರಹಿಸಿ ಯುವ ಬ್ರಿಗೇಡ್ ಕಾರ್ಯಕರ್ತರು ತಹಶೀಲ್ದಾರ್ ಮೂಲಕ ರಾಜ್ಯಪಾಲರಿಗೆ ಮನವಿ ಸಲ್ಲಿಸಿದರು. ಶತಮಾನಗಳ ಇತಿಹಾಸವಿರುವ ಕ್ಷೇತ್ರ ಲಕ್ಷಾಂತರ ಭಕ್ತರ ಶ್ರದ್ಧಾ ಕೇಂದ್ರವಾಗಿದೆ. ಕ್ಷೇತ್ರದ ವಿರುದ್ಧ ಷಡ್ಯಂತ್ರ ನಡೆಸುತ್ತಿರುವವರ ಹಿಂದೆ ಯಾರಿದ್ದಾರೆ ಎಂಬುದನ್ನು ಸಮಗ್ರ ತನಿಖೆ ಮೂಲಕ ಬಯಲಿಗೆಳೆಯಬೇಕು. ಸಾಮಾಜಿಕ ಜಾಲತಾಣಗಳಲ್ಲಿ ಸುಳ್ಳು ವಿಡಿಯೋ ಹರಿಬಿಡುತ್ತಿರುವವರ ವಿರುದ್ಧ ಪ್ರಕರಣ ದಾಖಲಿಸಬೇಕು. ಸರ್ಕಾರ ಈ ವಿಷಯದಲ್ಲಿ ಮೌನ ವಹಿಸಿರುವುದು ಸರಿಯಲ್ಲ. ನ್ಯಾಯ ಸಿಗದಿದ್ದರೆ ರಾಜ್ಯಾದ್ಯಂತ ಹೋರಾಟ ತೀವ್ರಗೊಳಿಸಲಾಗುವುದು ಎಂದು ಎಚ್ಚರಿಸಿದರು. ಯುವ ಬ್ರಿಗೇಡ್ ಸಂಚಾಲಕರು, ಕಾರ್ಯಕರ್ತರು, ಭಕ್ತರು ಈ ಸಂದರ್ಭದಲ್ಲಿ ಹಾಜರಿದ್ದರು.
ಶಾಲೆಯ ಅಭಿವೃದ್ಧಿ, ಪ್ರಗತಿಗೆ ನೂತನ ಎಸ್‌ಡಿಎಂಸಿ ಶ್ರಮಿಸಿ
ಸ್ಥಳೀಯ ಸರ್ಕಾರಿ ಹಿರಿಯ ಪ್ರಾಥಮಿಕ ಶಾಲೆಯಲ್ಲಿ ನೂತನ ಎಸ್‌ಡಿಎಂಸಿ ಸಮಿತಿ ರಚನೆ ಮಾಡಲಾಯಿತು. ಅಧ್ಯಕ್ಷರಾಗಿ ಆಯ್ಕೆಯಾದವರನ್ನು ಗ್ರಾಮದ ಮುಖಂಡರು ಸನ್ಮಾನಿಸಿದರು. ಶಾಲೆಯ ಮೂಲಸೌಕರ್ಯ ಅಭಿವೃದ್ಧಿ, ಮಕ್ಕಳ ಕಲಿಕಾ ಗುಣಮಟ್ಟ ಹೆಚ್ಚಳ ಹಾಗೂ ದಾಖಲಾತಿ ಪ್ರಮಾಣ ಏರಿಕೆಗೆ ನೂತನ ಸಮಿತಿ ಶ್ರಮಿಸಬೇಕು. ಶಿಕ್ಷಕರು ಹಾಗೂ ಪೋಷಕರ ನಡುವೆ ಸಮನ್ವಯ ಸಾಧಿಸಿ ಸರ್ಕಾರಿ ಶಾಲೆಗಳನ್ನು ಬಲಪಡಿಸಬೇಕು ಎಂದು ಮುಖ್ಯ ಶಿಕ್ಷಕರು ತಿಳಿಸಿದರು. ಉಪಾಧ್ಯಕ್ಷರು ಹಾಗೂ ಸದಸ್ಯರು ಅವಿರೋಧವಾಗಿ ಆಯ್ಕೆಯಾದರು. ಗ್ರಾಮ ಪಂಚಾಯಿತಿ ಸದಸ್ಯರು, ಶಿಕ್ಷಕ ವೃಂದ ಹಾಗೂ ಪೋಷಕರು ಉಪಸ್ಥಿತರಿದ್ದರು.
ಕನ್ನಡನಾಡು ವಾರ್ತೆ
ಕುರುಗೋಡು,ಆ.20: ಸ್ಥಳೀಯ ಸರ್ಕಾರಿ ಹಿರಿಯ ಪ್ರಾಥಮಿಕ ಶಾಲೆಯಲ್ಲಿ ನೂತನ ಎಸ್‌ಡಿಎಂಸಿ ಸಮಿತಿ ರಚನೆ ಮಾಡಲಾಯಿತು. ಅಧ್ಯಕ್ಷರಾಗಿ ಆಯ್ಕೆಯಾದವರನ್ನು ಗ್ರಾಮದ ಮುಖಂಡರು ಸನ್ಮಾನಿಸಿದರು. ಶಾಲೆಯ ಮೂಲಸೌಕರ್ಯ ಅಭಿವೃದ್ಧಿ, ಮಕ್ಕಳ ಕಲಿಕಾ ಗುಣಮಟ್ಟ ಹೆಚ್ಚಳ ಹಾಗೂ ದಾಖಲಾತಿ ಪ್ರಮಾಣ ಏರಿಕೆಗೆ ನೂತನ ಸಮಿತಿ ಶ್ರಮಿಸಬೇಕು. ಶಿಕ್ಷಕರು ಹಾಗೂ ಪೋಷಕರ ನಡುವೆ ಸಮನ್ವಯ ಸಾಧಿಸಿ ಸರ್ಕಾರಿ ಶಾಲೆಗಳನ್ನು ಬಲಪಡಿಸಬೇಕು ಎಂದು ಮುಖ್ಯ ಶಿಕ್ಷಕರು ತಿಳಿಸಿದರು. ಉಪಾಧ್ಯಕ್ಷರು ಹಾಗೂ ಸದಸ್ಯರು ಅವಿರೋಧವಾಗಿ ಆಯ್ಕೆಯಾದರು. ಗ್ರಾಮ ಪಂಚಾಯಿತಿ ಸದಸ್ಯರು, ಶಿಕ್ಷಕ ವೃಂದ ಹಾಗೂ ಪೋಷಕರು ಉಪಸ್ಥಿತರಿದ್ದರು.
ಗೌರಿ ಗಣೇಶ ಹಬ್ಬದ ಪ್ರಯುಕ್ತ ಲಿಡ್
ಕರ್ ಉತ್ಪನ್ನಗಳಿಗೆ ಶೇ.15 ರಿಯಾಯಿತಿ
ಕನ್ನಡನಾಡು ವಾರ್ತೆ
ಶಿವಮೊಗ್ಗ,ಆ.20: ಗೌರಿ ಗಣೇಶ ಹಬ್ಬದ ಪ್ರಯುಕ್ತ ನಗರದ ನೆಹರು ರಸ್ತೆಯ ಬಸವ ಸದನ ಕಾಂಪ್ಲೆಕ್ಸ್, ಗಾಂಧಿ ಬಜಾರ್ ಹಾಗೂ ವಿವಿಧ ಮಳಿಗೆಗಳಲ್ಲಿ ಲಿಡ್ಕರ್ ಚರ್ಮ ಉತ್ಪನ್ನಗಳ ಮಾರಾಟದ ಮೇಲೆ ಶೇ.15 ರಿಯಾಯಿತಿ ನೀಡಲಾಗುತ್ತಿದ್ದು, ಆ. 26 ರವರೆಗೆ ಅವಕಾಶವಿದೆ. ಹೆಚ್ಚಿನ ಮಾಹಿತಿಗಾಗಿ ಮೊ. ಸಂ: 8904510699 ಗೆ ಸಂಪರ್ಕಿಸಬಹುದೆಂದು ಲಿಡ್ಕರ್ ಜಿಲ್ಲಾ ವ್ಯವಸ್ಥಾಪಕರು ತಿಳಿಸಿದ್ದಾರೆ.
ಭಾಗ್ಯಲಕ್ಷ್ಮಿ ಪರಿಪಕ್ವ ಮೊತ್ತ
ಪಾವತಿಗಾಗಿ ಅರ್ಜಿ ಆಹ್ವಾನ
ಕನ್ನಡನಾಡು ವಾರ್ತೆ
ರಾಯಚೂರು,ಆ.20: ಮಹಿಳಾ ಮತ್ತು ಮಕ್ಕಳ ಅಭಿವೃದ್ಧಿ ಇಲಾಖೆಯಿಂದ 2006-07ನೇ ಸಾಲಿನಿಂದ ಭಾಗ್ಯಲಕ್ಷ್ಮಿ ಯೋಜನೆಯನ್ನು ಜಾರಿ ಮಾಡಿದ್ದು, ಈ ಯೋಜನೆಯಡಿ ನೋಂದಣಿಯಾದ ಫಲಾನುಭವಿಗಳು 2024-25ನೇ ಸಾಲಿನಿಂದ 18 ವರ್ಷ ಪೂರ್ಣಗೊಂಡ ನಂತರ ಭಾಗ್ಯಲಕ್ಷ್ಮಿ ಪರಿಪಕ್ವ ಮೊತ್ತವನ್ನು ಪಾವತಿಗಾಗಿ ಅರ್ಜಿ ಆಹ್ವಾನಿಸಲಾಗಿದೆ. 2006-07, 2007-08ನೇ ಸಾಲಿನಲ್ಲಿ ಭಾಗ್ಯಲಕ್ಷ್ಮಿ ಸೌಲಭ್ಯವನ್ನು ಪಡೆದಿರುವ ಫಲಾನುಭವಿಗಳು 18 ವರ್ಷ ಪೂರ್ಣಗೊಂಡಿದ್ದು, ಈ ಫಲಾನುಭವಿಗಳು ಹತ್ತಿರದ ಅಂಗನವಾಡಿ ಕೇಂದ್ರಗಳಿಗೆ ಭೇಟಿ ನೀಡಿ ನಿಗದಿತ ನಮೂನೆಯಲ್ಲಿ ಅರ್ಜಿ ಸಲ್ಲಿಸಬಹುದು. ಹೆಚ್ಚಿನ ಮಾಹಿತಿಗಾಗಿ ಹತ್ತಿರದ ಅಂಗನವಾಡಿ ಕೇಂದ್ರಗಳಿಗೆ ಅಥವಾ ಶಿಶು ಅಭಿವೃದ್ಧಿ ಯೋಜನಾಧಿಕಾರಿಗಳ ಕಚೇರಿಯನ್ನು ಸಂಪರ್ಕಿಸಬಹುದು ಎಂದು ಪ್ರಕಟಣೆಯಲ್ಲಿ ತಿಳಿಸಿದ್ದಾರೆ.
ಪರೀಕ್ಷಾ ಪೂರ್ವ ತರಬೇತಿಗೆ ಅರ್ಜಿ
ಕನ್ನಡನಾಡು ವಾರ್ತೆ
ರಾಯಚೂರು,ಆ.20: ಪ್ರಸಕ್ತ ಸಾಲಿನ ಅಲ್ಪಸಂಖ್ಯಾತರ ಕಲ್ಯಾಣ ಇಲಾಖೆಯಿಂದ 2025-26ನೇ ಸಾಲಿಗೆ ಪ್ರತಿಷ್ಠಿತ ಕೋಚಿಂಗ್ ಸಂಸ್ಥೆಗಳ ಮೂಲಕ ಯುಪಿಎಸ್‌ಸಿ, ಕೆ.ಎ.ಎಸ್, ಗ್ರೂಪ್-ಸಿ, ಬ್ಯಾಂಕಿಂಗ್ ಹಾಗೂ ಇತರೆ ಸ್ಪರ್ಧಾತ್ಮಕ ಪರೀಕ್ಷೆಗಳಿಗೆ ಪರೀಕ್ಷಾ ಪೂರ್ವ ತರಬೇತಿ ನೀಡಲು ಅರ್ಹ ಅಭ್ಯರ್ಥಿಗಳಿಂದ ಅರ್ಜಿ ಆಹ್ವಾನಿಸಲಾಗಿದೆ. ಆಸಕ್ತ ಅಭ್ಯರ್ಥಿಗಳು ಸೇವಾಸಿಂಧು ಪೋರ್ಟಲ್ ವೆಬ್‌ಸೈಟ್ ವಿಳಾಸ: https://sevasindhu.karnataka.gov.in ನಲ್ಲಿ ಅರ್ಜಿ ಸಲ್ಲಿಸಬಹುದಾಗಿದೆ. ಹೆಚ್ಚಿನ ಮಾಹಿತಿಗಾಗಿ ಜಿಲ್ಲಾ ಅಧಿಕಾರಿಗಳ ಕಚೇರಿ ಸಂಪರ್ಕಿಸಬಹುದು ಎಂದು ಪ್ರಕಟಣೆಯಲ್ಲಿ ತಿಳಿಸಿದ್ದಾರೆ.
ತಾಲೂಕು ಬಿಜೆಪಿ ಯುವ ಘಟಕದ ಅಧ್ಯಕ್ಷರಾಗಿ
ಕೆ.ಭಗವಂತ್ರಾಯ ನಾಯಕ ನೇಮಕ
ಕನ್ನಡನಾಡು ವಾರ್ತೆ
ಅರಕೇರಾ,ಆ.20: ಭಾರತೀಯ ಜನತಾ ಪಕ್ಷದ ಅರಕೇರಾ ತಾಲೂಕಿನ ಯುವ ಘಟಕದ ನೂತನ ಅಧ್ಯಕ್ಷರನ್ನಾಗಿ ಕೆ.ಭಗವಂತ್ರಾಯ ನಾಯಕ ಅವರನ್ನು ನೇಮಕ ಮಾಡಿ ಪಕ್ಷದ ಜಿಲ್ಲಾ ಅಧ್ಯಕ್ಷರು ಆದೇಶ ಹೊರಡಿಸಿದ್ದಾರೆ. ಪಕ್ಷದ ಸಂಘಟನೆಯನ್ನು ಬಲಪಡಿಸಲು ಶ್ರಮಿಸುವುದಾಗಿ ತಿಳಿಸಿದ್ದಾರೆ. ಮುಖಂಡರು ನೇಮಕವನ್ನು ಸ್ವಾಗತಿಸಿದ್ದಾರೆ.
ಮುದಗಲ್ : ಮಾರುತೇಶ್ವರ ಜಾತ್ರೆ ಸಂಪನ್ನ
ಕನ್ನಡನಾಡು ವಾರ್ತೆ
ಮುದಗಲ್,ಆ.20: ಪಟ್ಟಣದ ವೆಂಕಟರಾಯನಪೇಟೆಯಲ್ಲಿ ನೆಲೆಸಿರುವ ಆರಾಧ್ಯ ದೈವ ಶ್ರೀ ಮಾರುತೇಶ್ವರ ಜಾತ್ರಾ ಮಹೋತ್ಸವವು ಭಕ್ತರ ಸಂಭ್ರಮದೊಂದಿಗೆ ಸಂಪನ್ನಗೊಂಡಿತು. ಜಾತ್ರೆ ನಿಮಿತ್ತ ದೇವಸ್ಥಾನದಲ್ಲಿ ಬೆಳಗ್ಗೆಯಿಂದಲೇ ವಿಶೇಷ ಪೂಜೆ, ಅಭಿಷೇಕ, ಹೋಮ ಹವನ ಹಾಗೂ ಧಾರ್ಮಿಕ ಕಾರ್ಯಕ್ರಮಗಳು ನೆರವೇರಿದವು. ಸಂಜೆ ಅಲಂಕೃತ ರಥೋತ್ಸವದಲ್ಲಿ ಸಾವಿರಾರು ಭಕ್ತರು ಪಾಲ್ಗೊಂಡು ಹಣ್ಣು ಕಾಯಿ ಅರ್ಪಿಸಿದರು. ಡೊಳ್ಳು ಕುಣಿತ, ಭಜನೆ ಮೇಳ ಸೇರಿದಂತೆ ವಿವಿಧ ಕಲಾತಂಡಗಳು ಮೆರವಣಿಗೆಗೆ ಮೆರುಗು ನೀಡಿದವು. ದೇವಸ್ಥಾನ ಸಮಿತಿ ಪದಾಧಿಕಾರಿಗಳು, ಗ್ರಾಮಸ್ಥರು ಹಾಗೂ ಭಕ್ತರು ಉಪಸ್ಥಿತರಿದ್ದರು.
ಗೌರಸಮುದ್ರ ಮಾರಮ್ಮ ದೇವಿ ಜಾತ್ರೆ
ಕನ್ನಡನಾಡು ವಾರ್ತೆ
ಚಿತ್ರದುರ್ಗ,ಆ.20: ಜಿಲ್ಲೆಯ ಚಳ್ಳಕೆರೆ ತಾಲ್ಲೂಕಿನ ಗೌರಸಮುದ್ರ ಗ್ರಾಮದ ಗೌರಸಮುದ್ರ ಮಾರಮ್ಮ ದೇವಿ ಜಾತ್ರೆಯು ಸೆಪ್ಟೆಂಬರ್ 25 ಮತ್ತು 26ರಂದು ನಡೆಯಲಿದ್ದು, ಈ ಜಾತ್ರೆಗೆ ಲಕ್ಷಾಂತರ ಜನ ಭಕ್ತರು ಆಗಮಿಸುವ ನಿರೀಕ್ಷೆಯಿದೆ. ಜಾತ್ರೆ ಹಿನ್ನೆಲೆಯಲ್ಲಿ ಕುಡಿಯುವ ನೀರು, ಸ್ವಚ್ಛತೆ, ಆರೋಗ್ಯ, ಸಾರಿಗೆ ಹಾಗೂ ಭದ್ರತಾ ವ್ಯವಸ್ಥೆ ಕುರಿತು ಅಧಿಕಾರಿಗಳು ಪೂರ್ವಭಾವಿ ಸಭೆ ನಡೆಸಿ ಅಗತ್ಯ ಸಿದ್ಧತೆ ಕೈಗೊಳ್ಳುವಂತೆ ಸೂಚಿಸಿದ್ದಾರೆ.
ಜ್ಞಾನೇಶ್ವರ ಜಾತ್ರೆ ಸಂಪನ್ನ
ಕನ್ನಡನಾಡು ವಾರ್ತೆ
ಮಸ್ಕಿ,ಆ.20: ಪಟ್ಟಣದ ಮಠದಲ್ಲಿ ನಡೆದ ಶ್ರೀ ಜ್ಞಾನೇಶ್ವರ ಜಾತ್ರಾ ಮಹೋತ್ಸವ ವಿಜೃಂಭಣೆಯಿಂದ ಸಂಪನ್ನಗೊಂಡಿತು. ಜಾತ್ರೆ ಅಂಗವಾಗಿ ಶ್ರೀಗಳ ನೇತೃತ್ವದಲ್ಲಿ ಪೂಜಾ ಕೈಂಕರ್ಯಗಳು ನಡೆದವು. ಪ್ರವಚನ, ಭಜನೆ, ಅನ್ನದಾಸೋಹ ಕಾರ್ಯಕ್ರಮ ಏರ್ಪಡಿಸಲಾಗಿತ್ತು. ಸಮೀಪದ ಗ್ರಾಮಗಳಿಂದ ಆಗಮಿಸಿದ್ದ ಸಾವಿರಾರು ಭಕ್ತರು ದರ್ಶನ ಪಡೆದರು. ಸದ್ಭಕ್ತರ ಸಮ್ಮುಖದಲ್ಲಿ ನಡೆದ ಧಾರ್ಮಿಕ ಸಭೆಯಲ್ಲಿ ಸಾಧಕರನ್ನು ಸನ್ಮಾನಿಸಲಾಯಿತು. ಮಠದ ಭಕ್ತ ಮಂಡಳಿ ಪದಾಧಿಕಾರಿಗಳು ಉಪಸ್ಥಿತರಿದ್ದರು.
ಪಟ್ಟಣದ ಮಠದಲ್ಲಿ ನಡೆದ ಶ್ರೀ ಜ್ಞಾನೇಶ್ವರ ಜಾತ್ರಾ ಮಹೋತ್ಸವ ವಿಜೃಂಭಣೆಯಿಂದ ಸಂಪನ್ನಗೊಂಡಿತು. ಜಾತ್ರೆ ಅಂಗವಾಗಿ ಶ್ರೀಗಳ ನೇತೃತ್ವದಲ್ಲಿ ಪೂಜಾ ಕೈಂಕರ್ಯಗಳು ನಡೆದವು. ಪ್ರವಚನ, ಭಜನೆ, ಅನ್ನದಾಸೋಹ ಕಾರ್ಯಕ್ರಮ ಏರ್ಪಡಿಸಲಾಗಿತ್ತು. ಸಮೀಪದ ಗ್ರಾಮಗಳಿಂದ ಆಗಮಿಸಿದ್ದ ಸಾವಿರಾರು ಭಕ್ತರು ದರ್ಶನ ಪಡೆದರು. ಸದ್ಭಕ್ತರ ಸಮ್ಮುಖದಲ್ಲಿ ನಡೆದ ಧಾರ್ಮಿಕ ಸಭೆಯಲ್ಲಿ ಸಾಧಕರನ್ನು ಸನ್ಮಾನಿಸಲಾಯಿತು. ಮಠದ ಭಕ್ತ ಮಂಡಳಿ ಪದಾಧಿಕಾರಿಗಳು ಉಪಸ್ಥಿತರಿದ್ದರು.
